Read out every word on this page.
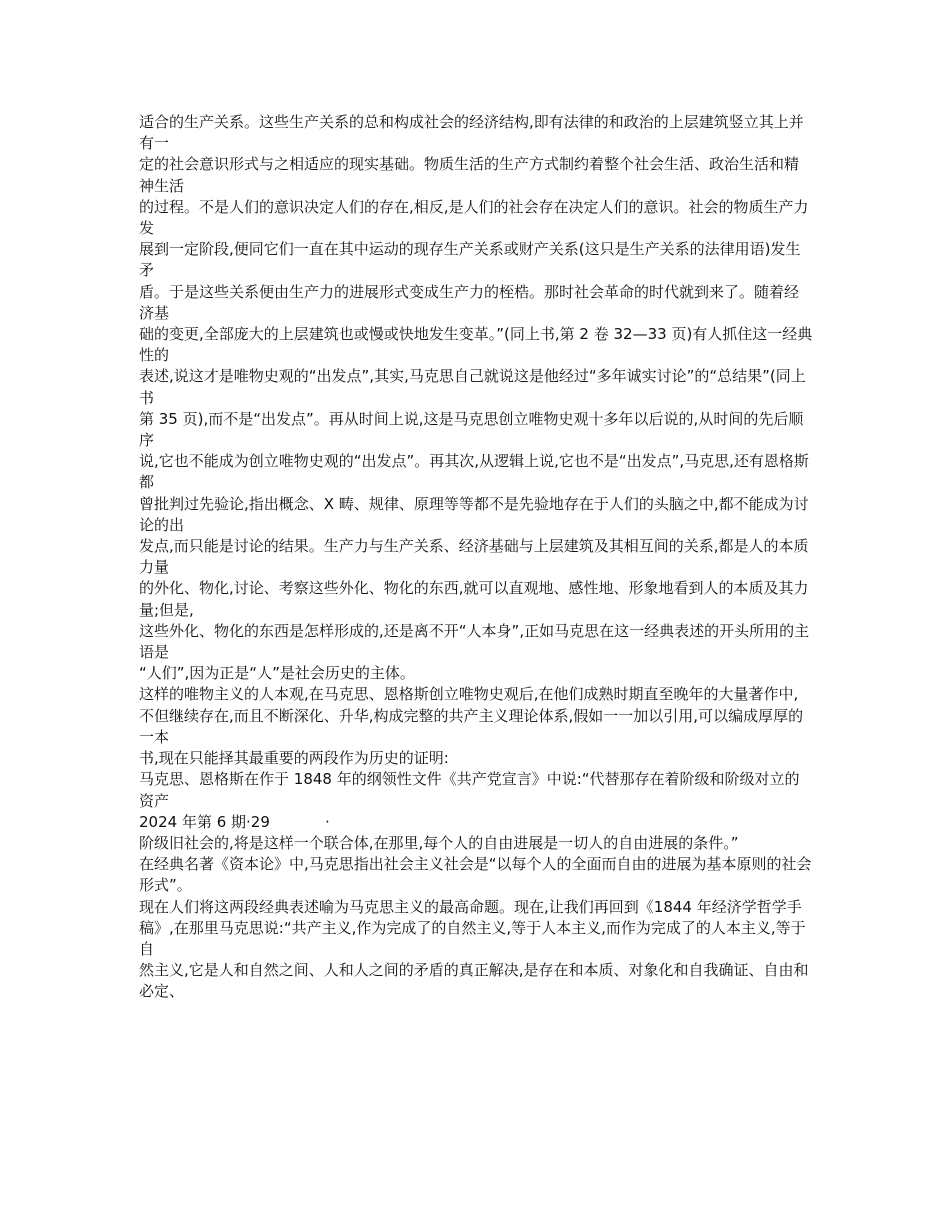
适合的生产关系。这些生产关系的总和构成社会的经济结构,即有法律的和政治的上层建筑竖立其上并有一

定的社会意识形式与之相适应的现实基础。物质生活的生产方式制约着整个社会生活、政治生活和精神生活

的过程。不是人们的意识决定人们的存在,相反,是人们的社会存在决定人们的意识。社会的物质生产力发

展到一定阶段,便同它们一直在其中运动的现存生产关系或财产关系(这只是生产关系的法律用语)发生矛

盾。于是这些关系便由生产力的进展形式变成生产力的桎梏。那时社会革命的时代就到来了。随着经济基

础的变更,全部庞大的上层建筑也或慢或快地发生变革。”(同上书,第 2 卷 32—33 页)有人抓住这一经典性的

表述,说这才是唯物史观的“出发点”,其实,马克思自己就说这是他经过“多年诚实讨论”的“总结果”(同上书

第 35 页),而不是“出发点”。再从时间上说,这是马克思创立唯物史观十多年以后说的,从时间的先后顺序

说,它也不能成为创立唯物史观的“出发点”。再其次,从逻辑上说,它也不是“出发点”,马克思,还有恩格斯都

曾批判过先验论,指出概念、X 畴、规律、原理等等都不是先验地存在于人们的头脑之中,都不能成为讨论的出

发点,而只能是讨论的结果。生产力与生产关系、经济基础与上层建筑及其相互间的关系,都是人的本质力量

的外化、物化,讨论、考察这些外化、物化的东西,就可以直观地、感性地、形象地看到人的本质及其力量;但是,

这些外化、物化的东西是怎样形成的,还是离不开“人本身”,正如马克思在这一经典表述的开头所用的主语是

“人们”,因为正是“人”是社会历史的主体。

这样的唯物主义的人本观,在马克思、恩格斯创立唯物史观后,在他们成熟时期直至晚年的大量著作中,

不但继续存在,而且不断深化、升华,构成完整的共产主义理论体系,假如一一加以引用,可以编成厚厚的一本

书,现在只能择其最重要的两段作为历史的证明:

马克思、恩格斯在作于 1848 年的纲领性文件《共产党宣言》中说:“代替那存在着阶级和阶级对立的资产

2024 年第 6 期·29	·

阶级旧社会的,将是这样一个联合体,在那里,每个人的自由进展是一切人的自由进展的条件。”

在经典名著《资本论》中,马克思指出社会主义社会是“以每个人的全面而自由的进展为基本原则的社会

形式”。

现在人们将这两段经典表述喻为马克思主义的最高命题。现在,让我们再回到《1844 年经济学哲学手

稿》,在那里马克思说:“共产主义,作为完成了的自然主义,等于人本主义,而作为完成了的人本主义,等于自

然主义,它是人和自然之间、人和人之间的矛盾的真正解决,是存在和本质、对象化和自我确证、自由和必定、
